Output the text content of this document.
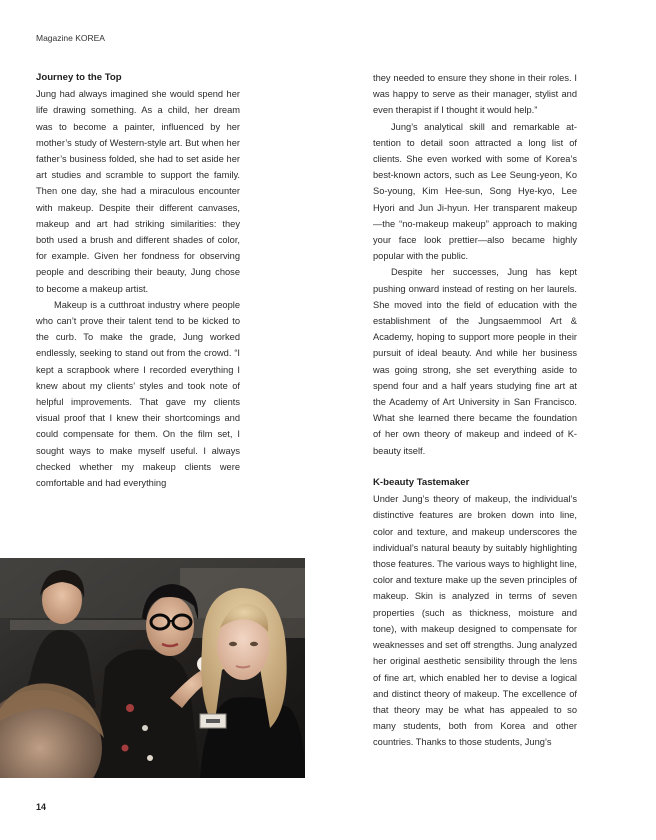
Magazine KOREA
Journey to the Top

Jung had always imagined she would spend her life drawing something. As a child, her dream was to become a painter, influenced by her mother’s study of Western-style art. But when her father’s business folded, she had to set aside her art studies and scramble to support the family. Then one day, she had a miraculous encounter with makeup. Despite their different canvases, makeup and art had striking similarities: they both used a brush and different shades of color, for example. Given her fondness for observing people and describing their beauty, Jung chose to become a makeup artist.

Makeup is a cutthroat industry where people who can’t prove their talent tend to be kicked to the curb. To make the grade, Jung worked endlessly, seeking to stand out from the crowd. “I kept a scrapbook where I recorded everything I knew about my clients’ styles and took note of helpful improvements. That gave my clients visual proof that I knew their shortcomings and could compensate for them. On the film set, I sought ways to make myself useful. I always checked whether my makeup clients were comfortable and had everything

they needed to ensure they shone in their roles. I was happy to serve as their manager, stylist and even therapist if I thought it would help.”

Jung’s analytical skill and remarkable attention to detail soon attracted a long list of clients. She even worked with some of Korea’s best-known actors, such as Lee Seung-yeon, Ko So-young, Kim Hee-sun, Song Hye-kyo, Lee Hyori and Jun Ji-hyun. Her transparent makeup—the “no-makeup makeup” approach to making your face look prettier—also became highly popular with the public.

Despite her successes, Jung has kept pushing onward instead of resting on her laurels. She moved into the field of education with the establishment of the Jungsaemmool Art & Academy, hoping to support more people in their pursuit of ideal beauty. And while her business was going strong, she set everything aside to spend four and a half years studying fine art at the Academy of Art University in San Francisco. What she learned there became the foundation of her own theory of makeup and indeed of K-beauty itself.

K-beauty Tastemaker

Under Jung’s theory of makeup, the individual’s distinctive features are broken down into line, color and texture, and makeup underscores the individual’s natural beauty by suitably highlighting those features. The various ways to highlight line, color and texture make up the seven principles of makeup. Skin is analyzed in terms of seven properties (such as thickness, moisture and tone), with makeup designed to compensate for weaknesses and set off strengths. Jung analyzed her original aesthetic sensibility through the lens of fine art, which enabled her to devise a logical and distinct theory of makeup. The excellence of that theory may be what has appealed to so many students, both from Korea and other countries. Thanks to those students, Jung’s

14
